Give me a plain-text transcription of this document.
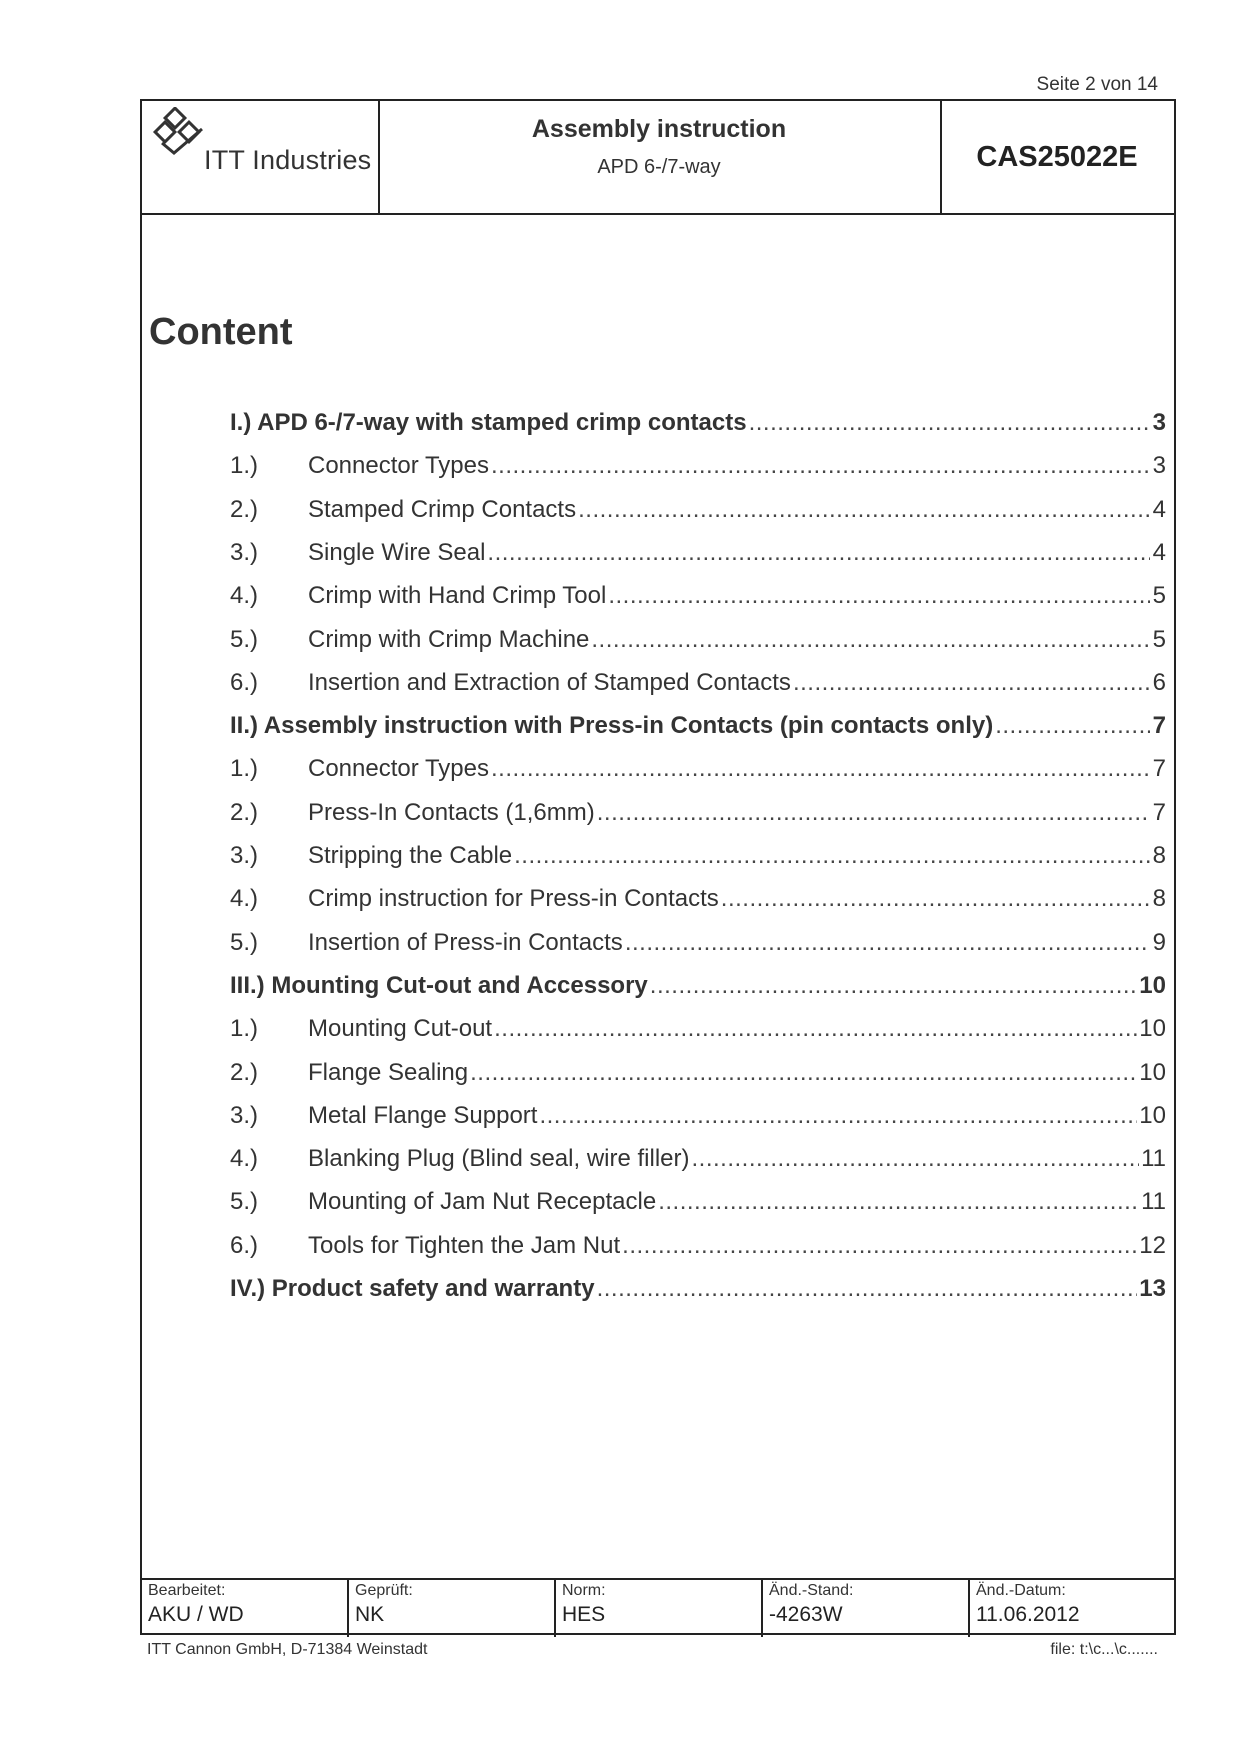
Seite 2 von 14
ITT Industries
Assembly instruction
APD 6-/7-way	CAS25022E
Content
I.) APD 6-/7-way with stamped crimp contacts .....	3
1.)	Connector Types .....	3
2.)	Stamped Crimp Contacts .....	4
3.)	Single Wire Seal .....	4
4.)	Crimp with Hand Crimp Tool .....	5
5.)	Crimp with Crimp Machine .....	5
6.)	Insertion and Extraction of Stamped Contacts .....	6
II.) Assembly instruction with Press-in Contacts (pin contacts only) .....	7
1.)	Connector Types .....	7
2.)	Press-In Contacts (1,6mm) .....	7
3.)	Stripping the Cable .....	8
4.)	Crimp instruction for Press-in Contacts .....	8
5.)	Insertion of Press-in Contacts .....	9
III.) Mounting Cut-out and Accessory .....	10
1.)	Mounting Cut-out .....	10
2.)	Flange Sealing .....	10
3.)	Metal Flange Support .....	10
4.)	Blanking Plug (Blind seal, wire filler) .....	11
5.)	Mounting of Jam Nut Receptacle .....	11
6.)	Tools for Tighten the Jam Nut .....	12
IV.) Product safety and warranty .....	13
Bearbeitet:
AKU / WD
Geprüft:
NK
Norm:
HES
Änd.-Stand:
-4263W
Änd.-Datum:
11.06.2012
ITT Cannon GmbH, D-71384 Weinstadt	file: t:\c...\c.......
